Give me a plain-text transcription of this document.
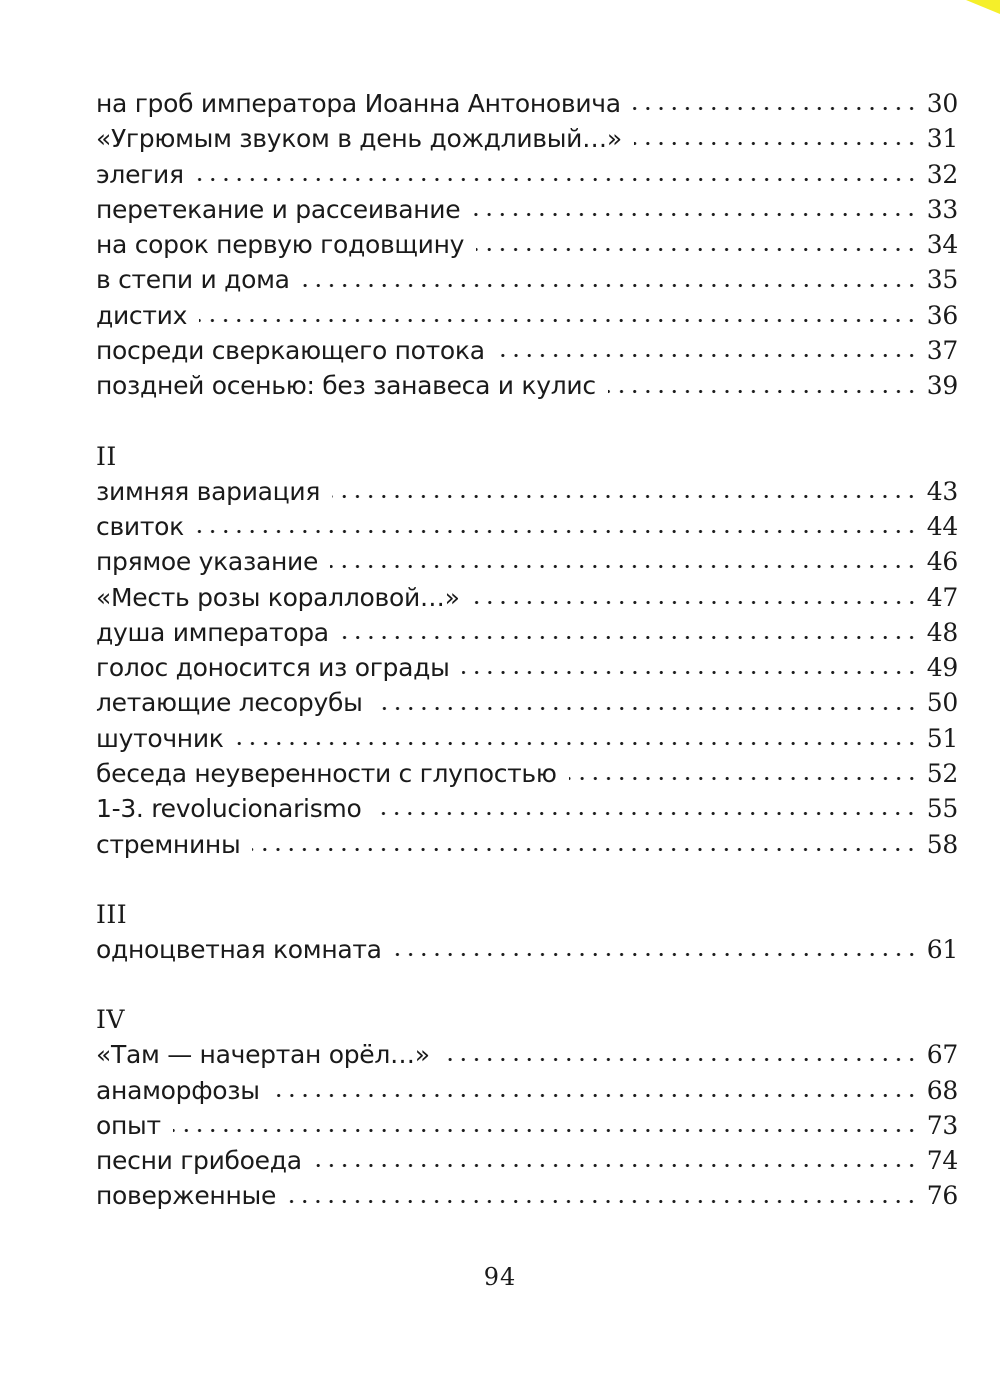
на гроб императора Иоанна Антоновича	30
«Угрюмым звуком в день дождливый…»	31
элегия	32
перетекание и рассеивание	33
на сорок первую годовщину	34
в степи и дома	35
дистих	36
посреди сверкающего потока	37
поздней осенью: без занавеса и кулис	39
II
зимняя вариация	43
свиток	44
прямое указание	46
«Месть розы коралловой…»	47
душа императора	48
голос доносится из ограды	49
летающие лесорубы	50
шуточник	51
беседа неуверенности с глупостью	52
1-3. revolucionarismo	55
стремнины	58
III
одноцветная комната	61
IV
«Там — начертан орёл…»	67
анаморфозы	68
опыт	73
песни грибоеда	74
поверженные	76
94
